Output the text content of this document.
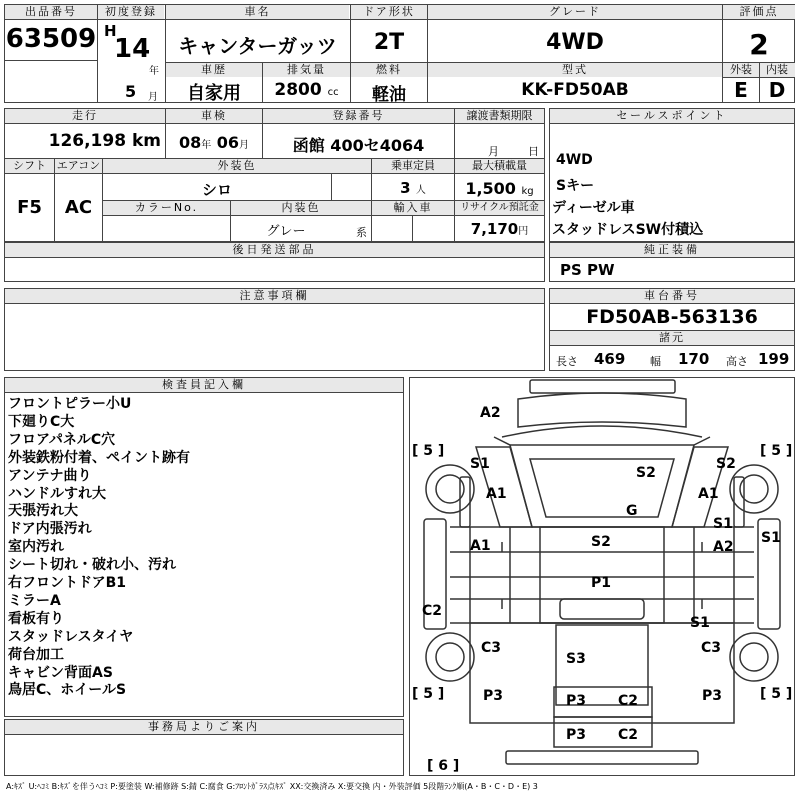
出品番号
63509
初度登録
H
14
年
5 月
車名
キャンターガッツ
ドア形状
2T
グレード
4WD
評価点
2
車歴
自家用
排気量
2800 cc
燃料
軽油
型式
KK-FD50AB
外装	内装
E	D
走行
126,198 km
車検
08年 06月
登録番号
函館 400セ4064
譲渡書類期限
月	日
シフト エアコン
F5	AC
外装色
シロ
乗車定員
3 人
最大積載量
1,500 kg
カラーNo.	内装色
グレー	系
輸入車	リサイクル預託金
7,170円
後日発送部品
セールスポイント
4WD
Sキー
ディーゼル車
スタッドレスSW付積込
純正装備
PS PW
注意事項欄	車台番号
FD50AB-563136
諸元
長さ 469 幅 170 高さ 199
検査員記入欄
フロントピラー小U
下廻りC大
フロアパネルC穴
外装鉄粉付着、ペイント跡有
アンテナ曲り
ハンドルすれ大
天張汚れ大
ドア内張汚れ
室内汚れ
シート切れ・破れ小、汚れ
右フロントドアB1
ミラーA
看板有り
スタッドレスタイヤ
荷台加工
キャビン背面AS
鳥居C、ホイールS
事務局よりご案内
A2
S1
S2
S2
A1	A1
G
S1
A1	S2	A2
S1
P1
C2
S1
C3	C3
S3
P3	P3 C2	P3
P3 C2
[ 5 ]	[ 5 ]
[ 5 ]	[ 5 ]
[ 6 ]
A:ｷｽﾞ U:ﾍｺﾐ B:ｷｽﾞを伴うﾍｺﾐ P:要塗装 W:補修跡 S:錆 C:腐食 G:ﾌﾛﾝﾄｶﾞﾗｽ点ｷｽﾞ XX:交換済み X:要交換 内・外装評価 5段階ﾗﾝｸ順(A・B・C・D・E) 3
